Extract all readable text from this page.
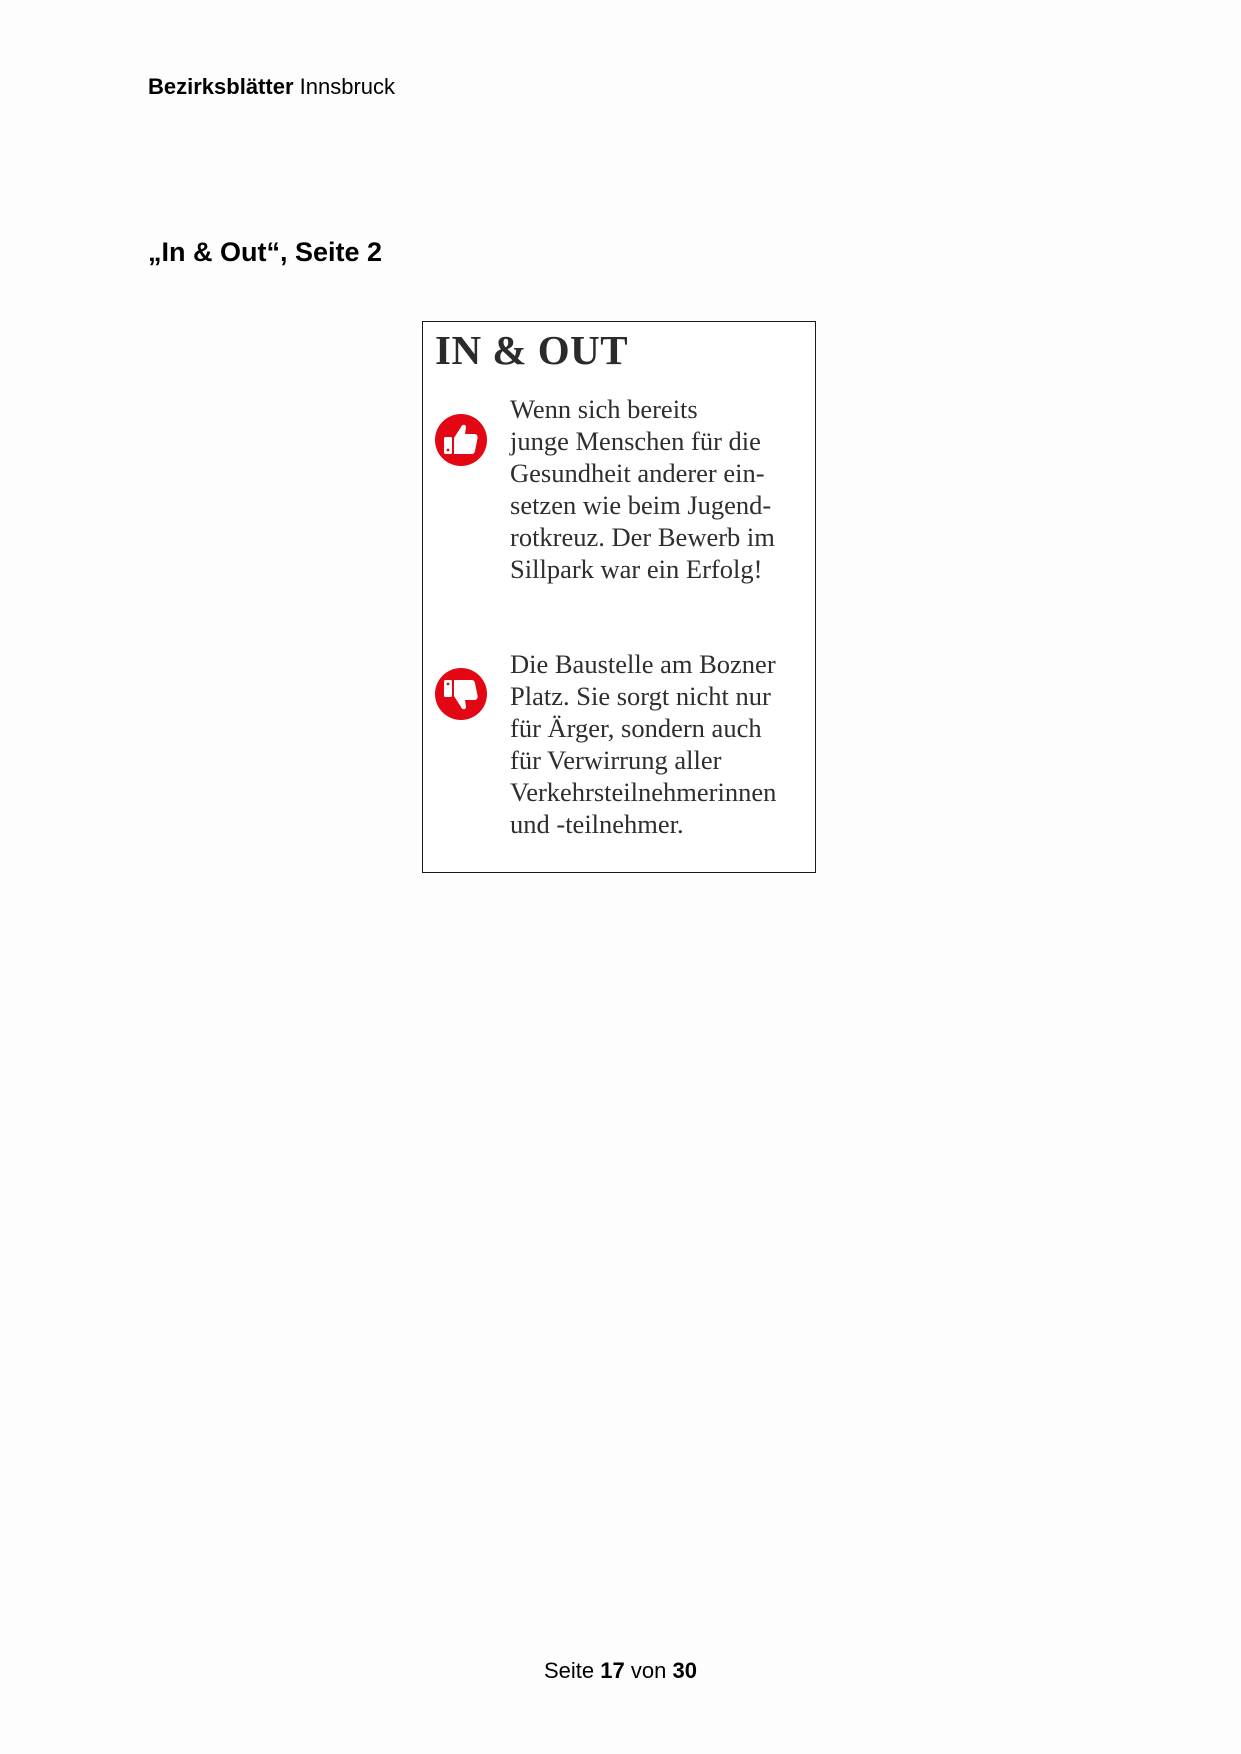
Bezirksblätter Innsbruck
„In & Out“, Seite 2
IN & OUT
Wenn sich bereits
junge Menschen für die
Gesundheit anderer ein-
setzen wie beim Jugend-
rotkreuz. Der Bewerb im
Sillpark war ein Erfolg!
Die Baustelle am Bozner
Platz. Sie sorgt nicht nur
für Ärger, sondern auch
für Verwirrung aller
Verkehrsteilnehmerinnen
und -teilnehmer.
Seite 17 von 30
